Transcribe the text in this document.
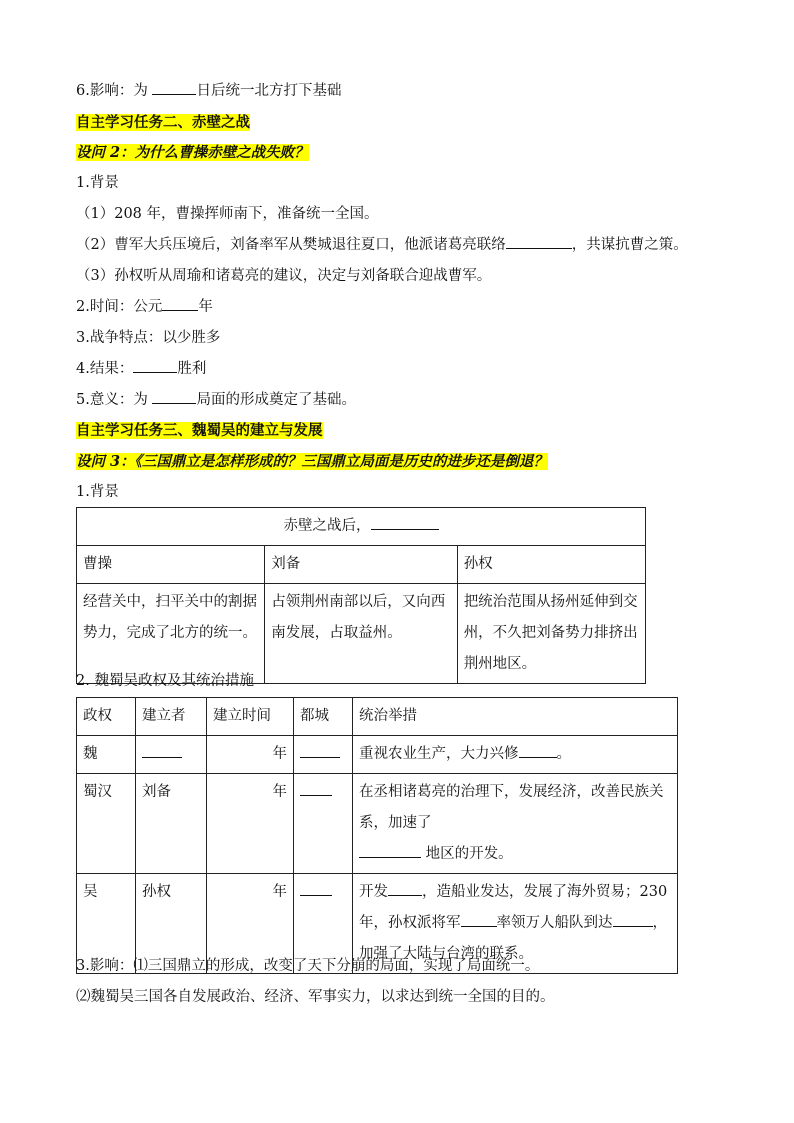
6.影响：为	日后统一北方打下基础
自主学习任务二、赤壁之战
设问 2：为什么曹操赤壁之战失败？
1.背景
（1）208 年，曹操挥师南下，准备统一全国。
（2）曹军大兵压境后，刘备率军从樊城退往夏口，他派诸葛亮联络	，共谋抗曹之策。
（3）孙权听从周瑜和诸葛亮的建议，决定与刘备联合迎战曹军。
2.时间：公元 年
3.战争特点：以少胜多
4.结果：	胜利
5.意义：为	局面的形成奠定了基础。
自主学习任务三、魏蜀吴的建立与发展
设问 3：《三国鼎立是怎样形成的？三国鼎立局面是历史的进步还是倒退？
1.背景
赤壁之战后，		
曹操	刘备	孙权
经营关中，扫平关中的割据势力，完成了北方的统一。	占领荆州南部以后，又向西南发展，占取益州。	把统治范围从扬州延伸到交州，不久把刘备势力排挤出荆州地区。
2. 魏蜀吴政权及其统治措施
政权	建立者	建立时间	都城	统治举措
魏		年		重视农业生产，大力兴修 。
蜀汉	刘备	年		在丞相诸葛亮的治理下，发展经济，改善民族关系，加速了
地区的开发。
吴	孙权	年		开发 ，造船业发达，发展了海外贸易；230 年，孙权派将军 率领万人船队到达 ，加强了大陆与台湾的联系。
3.影响：⑴三国鼎立的形成，改变了天下分崩的局面，实现了局面统一。
⑵魏蜀吴三国各自发展政治、经济、军事实力，以求达到统一全国的目的。
